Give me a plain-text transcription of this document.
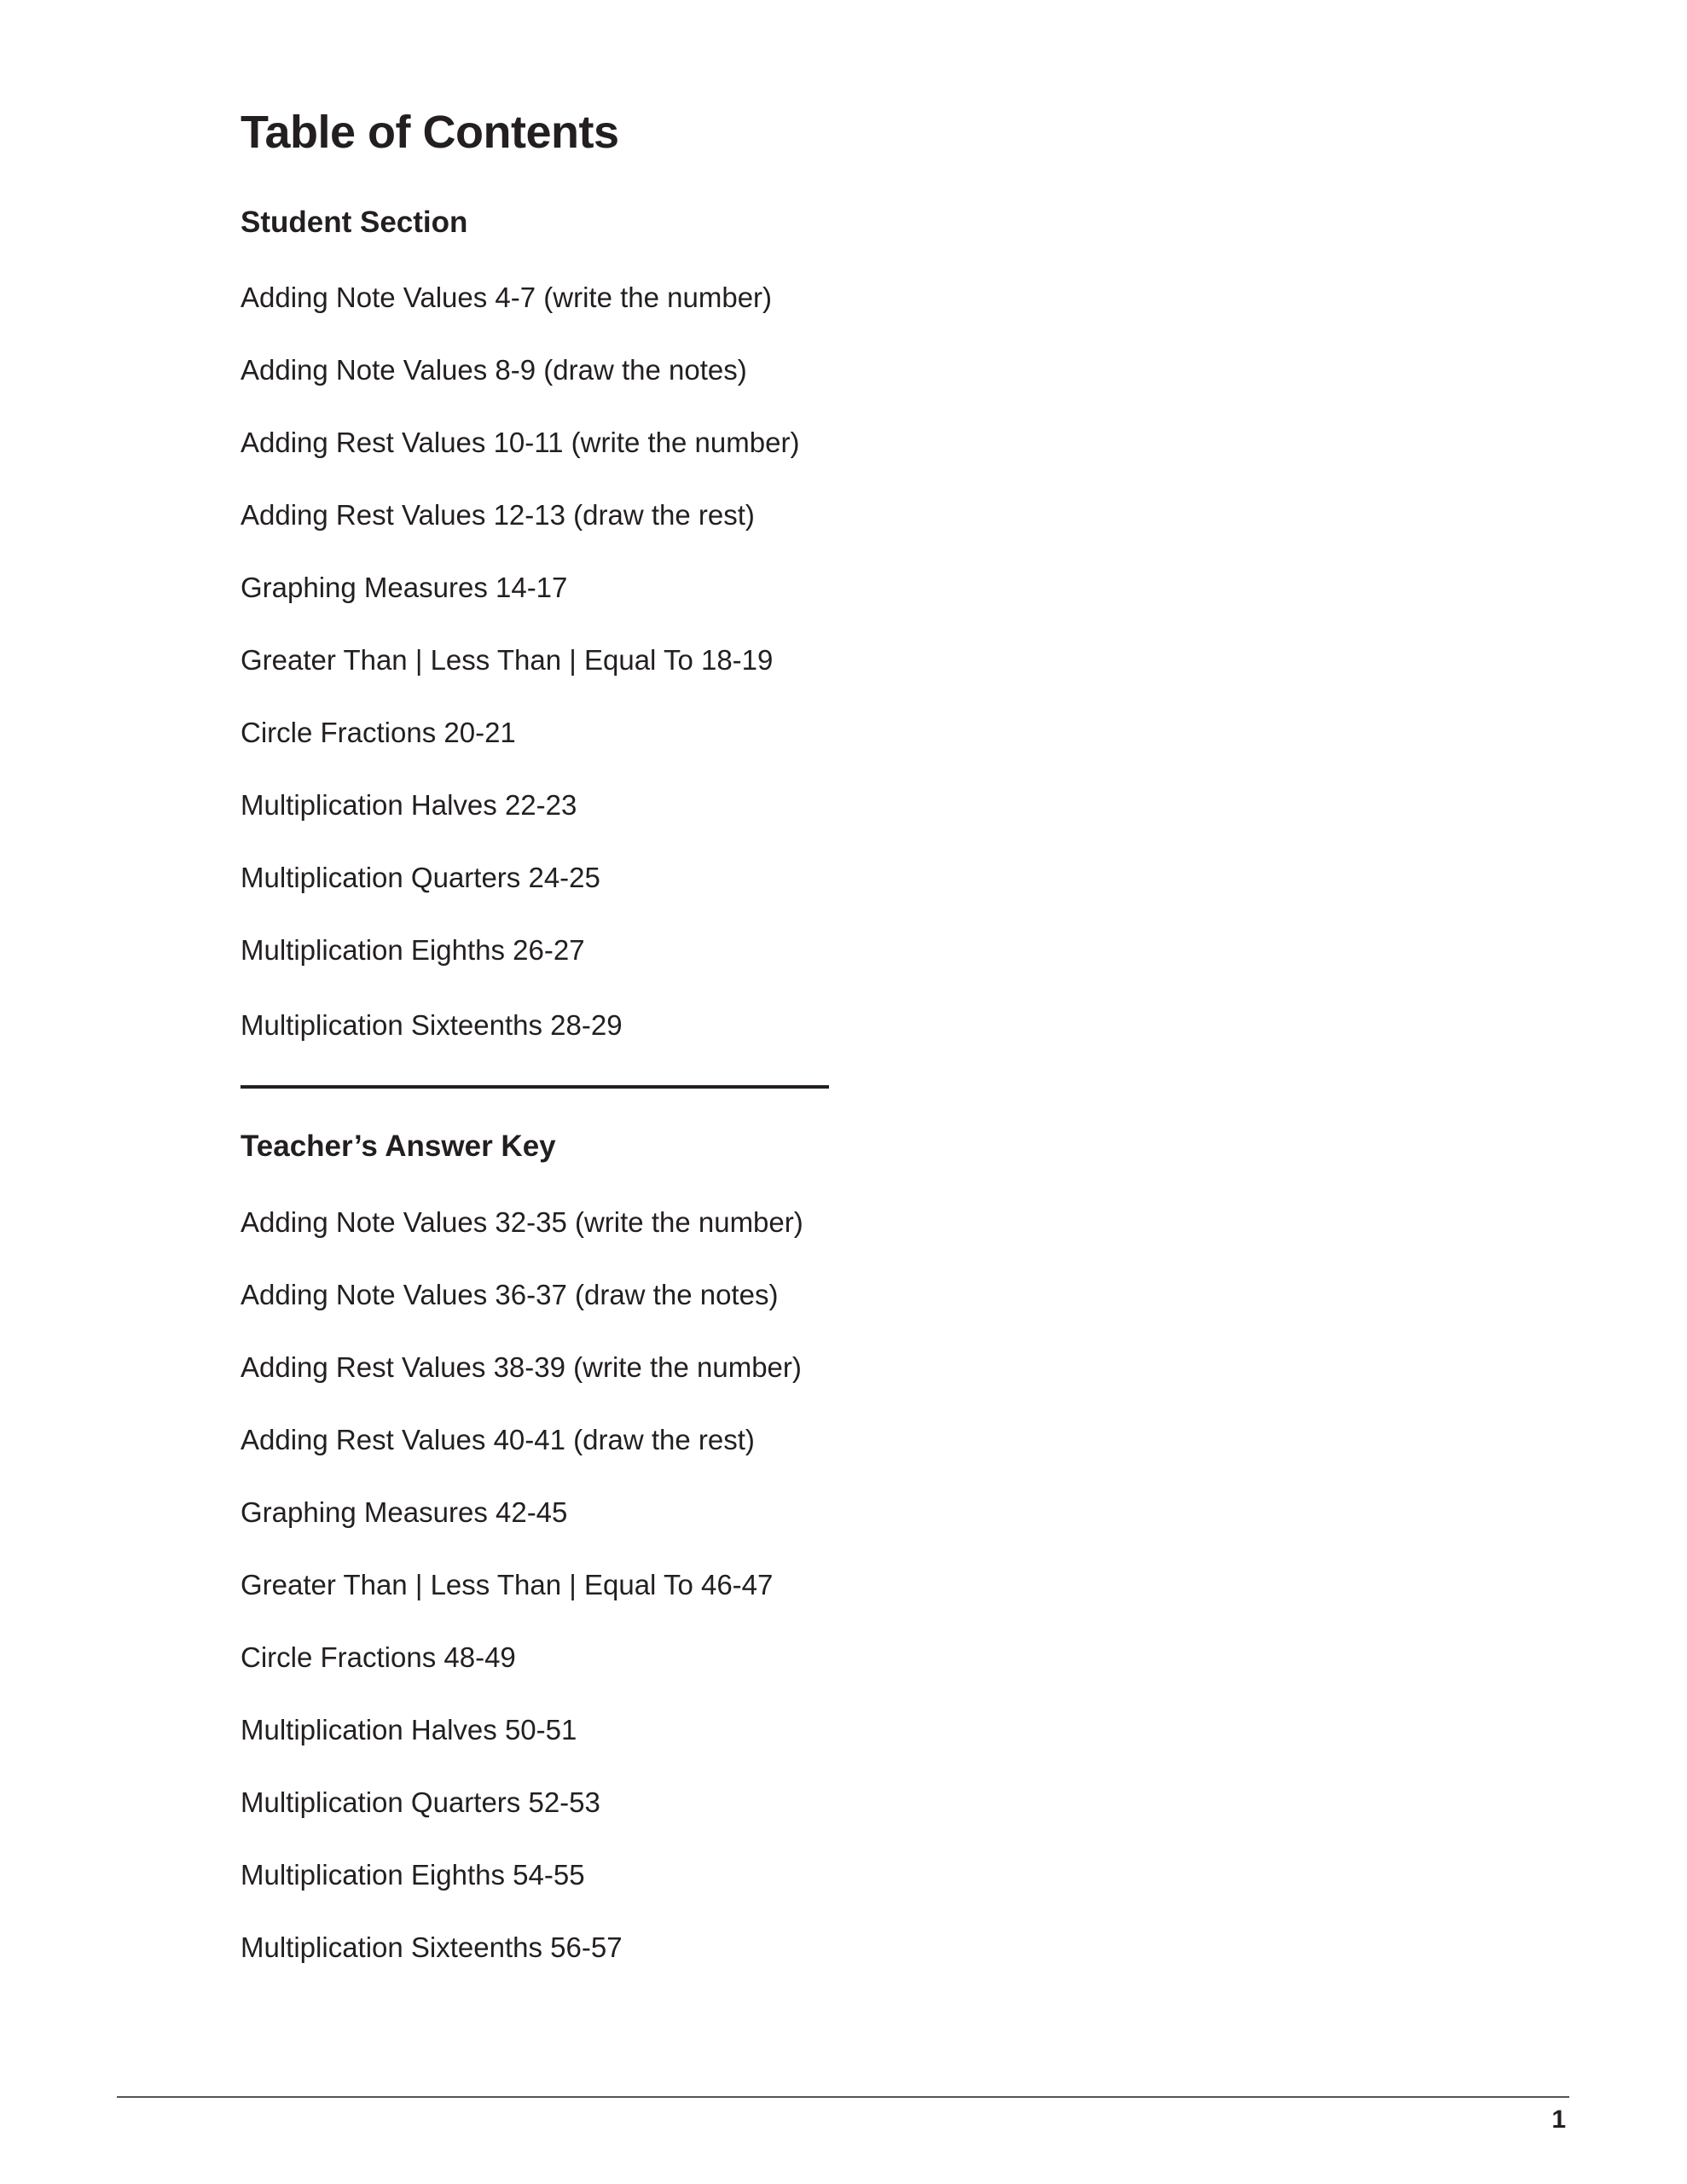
Table of Contents
Student Section
Adding Note Values 4-7 (write the number)
Adding Note Values 8-9 (draw the notes)
Adding Rest Values 10-11 (write the number)
Adding Rest Values 12-13 (draw the rest)
Graphing Measures 14-17
Greater Than | Less Than | Equal To 18-19
Circle Fractions 20-21
Multiplication Halves 22-23
Multiplication Quarters 24-25
Multiplication Eighths 26-27
Multiplication Sixteenths 28-29
Teacher’s Answer Key
Adding Note Values 32-35 (write the number)
Adding Note Values 36-37 (draw the notes)
Adding Rest Values 38-39 (write the number)
Adding Rest Values 40-41 (draw the rest)
Graphing Measures 42-45
Greater Than | Less Than | Equal To 46-47
Circle Fractions 48-49
Multiplication Halves 50-51
Multiplication Quarters 52-53
Multiplication Eighths 54-55
Multiplication Sixteenths 56-57
1
